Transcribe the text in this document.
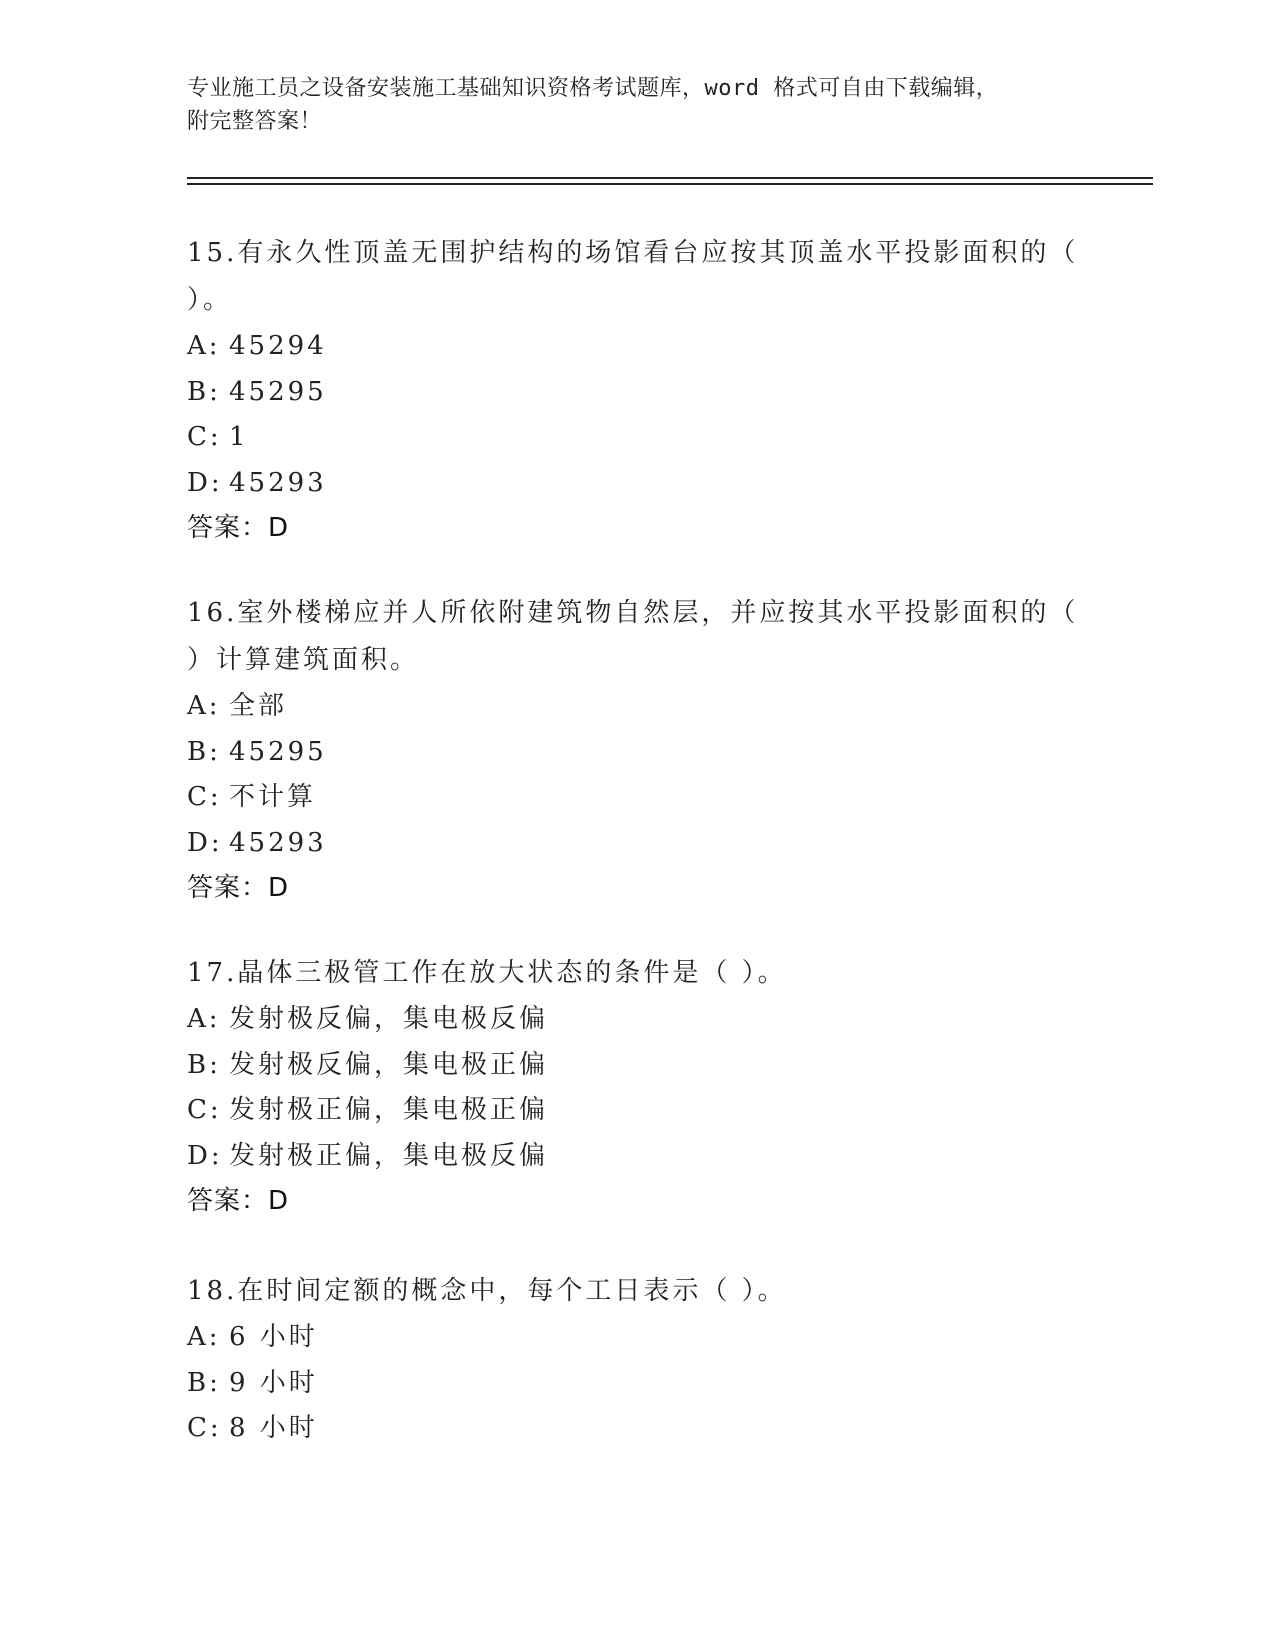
专业施工员之设备安装施工基础知识资格考试题库，word 格式可自由下载编辑，
附完整答案！

15.有永久性顶盖无围护结构的场馆看台应按其顶盖水平投影面积的（

）。

A: 45294
B: 45295
C: 1
D: 45293
答案：D

16.室外楼梯应并人所依附建筑物自然层，并应按其水平投影面积的（

）计算建筑面积。

A: 全部
B: 45295
C: 不计算
D: 45293
答案：D

17.晶体三极管工作在放大状态的条件是（ ）。

A: 发射极反偏，集电极反偏
B: 发射极反偏，集电极正偏
C: 发射极正偏，集电极正偏
D: 发射极正偏，集电极反偏
答案：D

18.在时间定额的概念中，每个工日表示（ ）。

A: 6 小时
B: 9 小时
C: 8 小时
